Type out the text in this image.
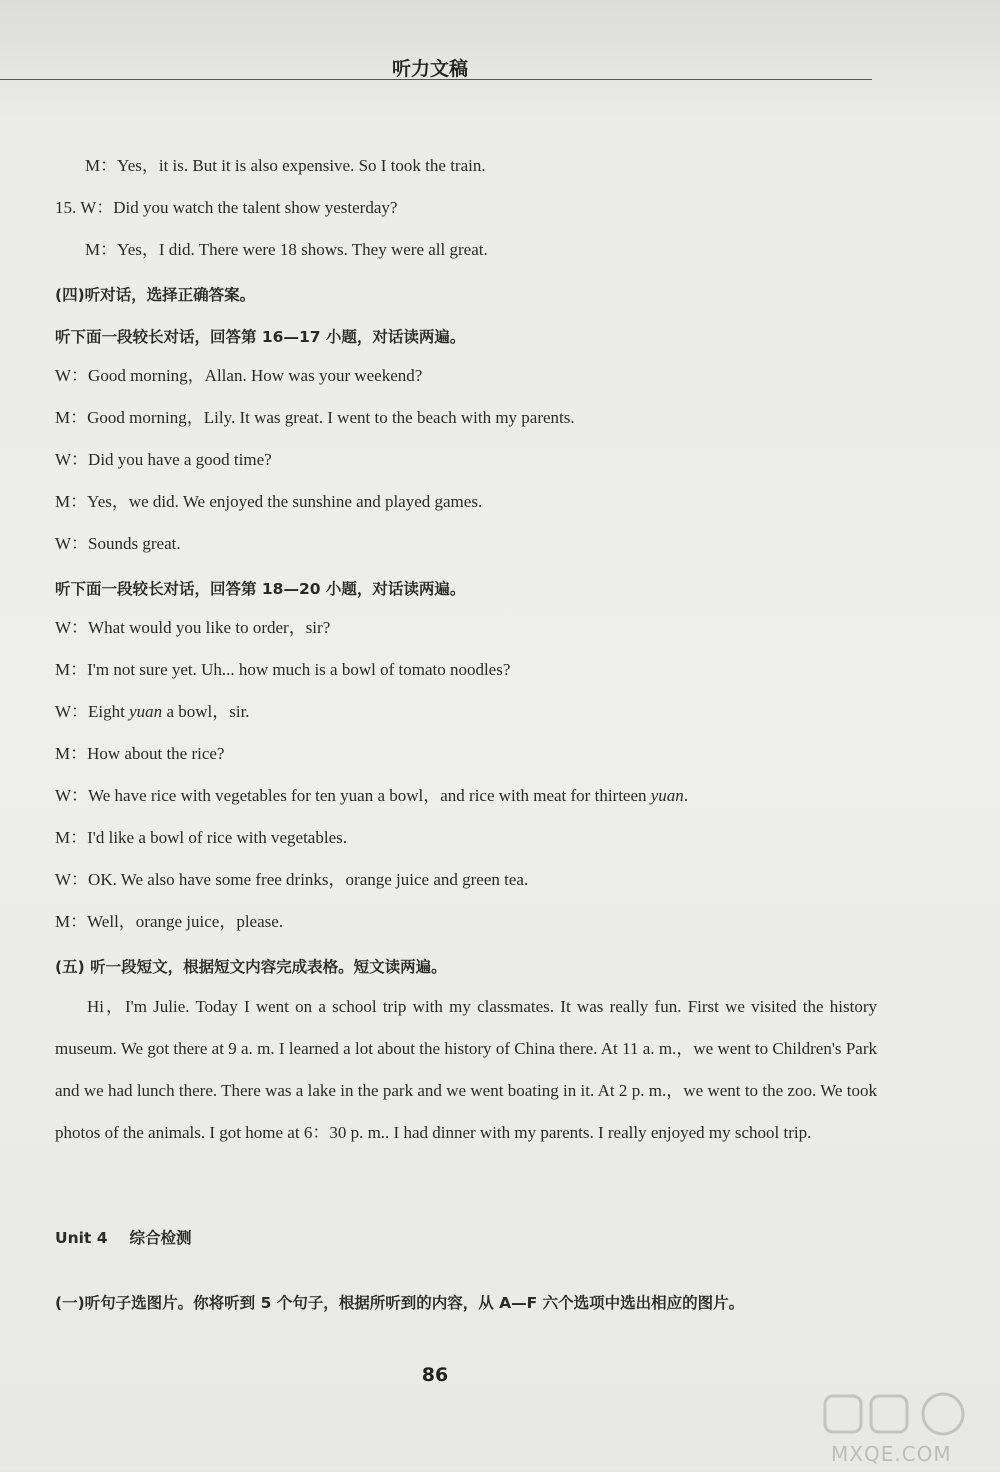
听力文稿
M：Yes，it is. But it is also expensive. So I took the train.
15. W：Did you watch the talent show yesterday?
M：Yes，I did. There were 18 shows. They were all great.
(四)听对话，选择正确答案。
听下面一段较长对话，回答第 16—17 小题，对话读两遍。
W：Good morning，Allan. How was your weekend?
M：Good morning，Lily. It was great. I went to the beach with my parents.
W：Did you have a good time?
M：Yes，we did. We enjoyed the sunshine and played games.
W：Sounds great.
听下面一段较长对话，回答第 18—20 小题，对话读两遍。
W：What would you like to order，sir?
M：I'm not sure yet. Uh... how much is a bowl of tomato noodles?
W：Eight yuan a bowl，sir.
M：How about the rice?
W：We have rice with vegetables for ten yuan a bowl，and rice with meat for thirteen yuan.
M：I'd like a bowl of rice with vegetables.
W：OK. We also have some free drinks，orange juice and green tea.
M：Well，orange juice，please.
(五) 听一段短文，根据短文内容完成表格。短文读两遍。
Hi，I'm Julie. Today I went on a school trip with my classmates. It was really fun. First we visited the history museum. We got there at 9 a. m. I learned a lot about the history of China there. At 11 a. m.，we went to Children's Park and we had lunch there. There was a lake in the park and we went boating in it. At 2 p. m.，we went to the zoo. We took photos of the animals. I got home at 6：30 p. m.. I had dinner with my parents. I really enjoyed my school trip.
Unit 4 综合检测
(一)听句子选图片。你将听到 5 个句子，根据所听到的内容，从 A—F 六个选项中选出相应的图片。
86
MXQE.COM
